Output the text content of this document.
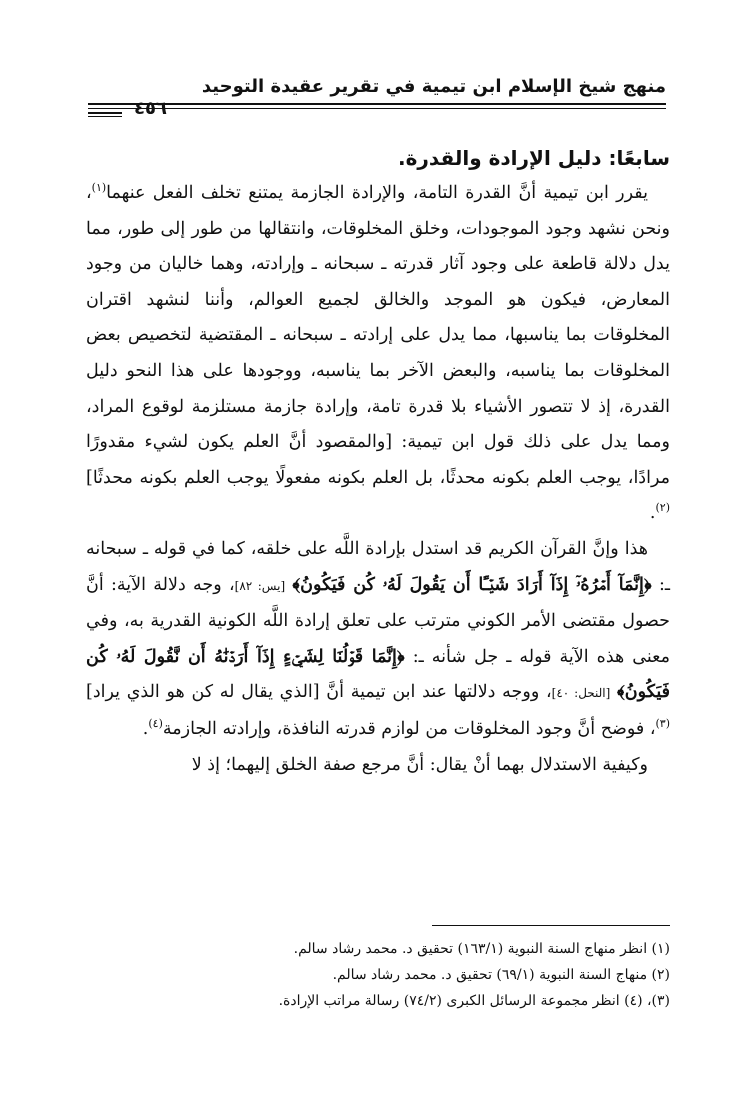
منهج شيخ الإسلام ابن تيمية في تقرير عقيدة التوحيد
٤٥٦
سابعًا: دليل الإرادة والقدرة.

يقرر ابن تيمية أنَّ القدرة التامة، والإرادة الجازمة يمتنع تخلف الفعل عنهما$^{(١)}$، ونحن نشهد وجود الموجودات، وخلق المخلوقات، وانتقالها من طور إلى طور، مما يدل دلالة قاطعة على وجود آثار قدرته ـ سبحانه ـ وإرادته، وهما خاليان من وجود المعارض، فيكون هو الموجد والخالق لجميع العوالم، وأننا لنشهد اقتران المخلوقات بما يناسبها، مما يدل على إرادته ـ سبحانه ـ المقتضية لتخصيص بعض المخلوقات بما يناسبه، والبعض الآخر بما يناسبه، ووجودها على هذا النحو دليل القدرة، إذ لا تتصور الأشياء بلا قدرة تامة، وإرادة جازمة مستلزمة لوقوع المراد، ومما يدل على ذلك قول ابن تيمية: [والمقصود أنَّ العلم يكون لشيء مقدورًا مرادًا، يوجب العلم بكونه محدثًا، بل العلم بكونه مفعولًا يوجب العلم بكونه محدثًا]$^{(٢)}$.

هذا وإنَّ القرآن الكريم قد استدل بإرادة اللَّه على خلقه، كما في قوله ـ سبحانه ـ: ﴿إِنَّمَآ أَمۡرُهُۥٓ إِذَآ أَرَادَ شَيۡـًٔا أَن يَقُولَ لَهُۥ كُن فَيَكُونُ﴾ [يس: ٨٢]، وجه دلالة الآية: أنَّ حصول مقتضى الأمر الكوني مترتب على تعلق إرادة اللَّه الكونية القدرية به، وفي معنى هذه الآية قوله ـ جل شأنه ـ: ﴿إِنَّمَا قَوۡلُنَا لِشَيۡءٍ إِذَآ أَرَدۡنَٰهُ أَن نَّقُولَ لَهُۥ كُن فَيَكُونُ﴾ [النحل: ٤٠]، ووجه دلالتها عند ابن تيمية أنَّ [الذي يقال له كن هو الذي يراد]$^{(٣)}$، فوضح أنَّ وجود المخلوقات من لوازم قدرته النافذة، وإرادته الجازمة$^{(٤)}$.

وكيفية الاستدلال بهما أنْ يقال: أنَّ مرجع صفة الخلق إليهما؛ إذ لا

(١) انظر منهاج السنة النبوية (١٦٣/١) تحقيق د. محمد رشاد سالم.

(٢) منهاج السنة النبوية (٦٩/١) تحقيق د. محمد رشاد سالم.

(٣)، (٤) انظر مجموعة الرسائل الكبرى (٧٤/٢) رسالة مراتب الإرادة.
